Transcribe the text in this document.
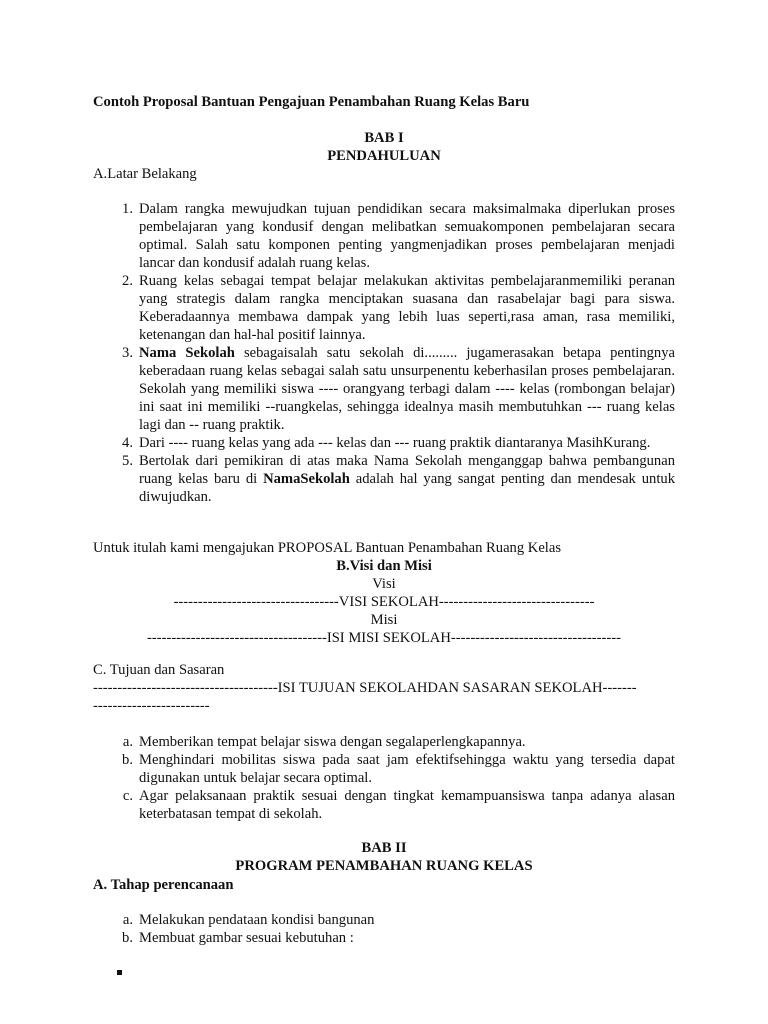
Contoh Proposal Bantuan Pengajuan Penambahan Ruang Kelas Baru

BAB I

PENDAHULUAN

A.Latar Belakang

1. Dalam rangka mewujudkan tujuan pendidikan secara maksimalmaka diperlukan proses pembelajaran yang kondusif dengan melibatkan semuakomponen pembelajaran secara optimal. Salah satu komponen penting yangmenjadikan proses pembelajaran menjadi lancar dan kondusif adalah ruang kelas.
2. Ruang kelas sebagai tempat belajar melakukan aktivitas pembelajaranmemiliki peranan yang strategis dalam rangka menciptakan suasana dan rasabelajar bagi para siswa. Keberadaannya membawa dampak yang lebih luas seperti,rasa aman, rasa memiliki, ketenangan dan hal-hal positif lainnya.
3. Nama Sekolah sebagaisalah satu sekolah di......... jugamerasakan betapa pentingnya keberadaan ruang kelas sebagai salah satu unsurpenentu keberhasilan proses pembelajaran. Sekolah yang memiliki siswa ---- orangyang terbagi dalam ---- kelas (rombongan belajar) ini saat ini memiliki --ruangkelas, sehingga idealnya masih membutuhkan --- ruang kelas lagi dan -- ruang praktik.
4. Dari ---- ruang kelas yang ada --- kelas dan --- ruang praktik diantaranya MasihKurang.
5. Bertolak dari pemikiran di atas maka Nama Sekolah menganggap bahwa pembangunan ruang kelas baru di NamaSekolah adalah hal yang sangat penting dan mendesak untuk diwujudkan.

Untuk itulah kami mengajukan PROPOSAL Bantuan Penambahan Ruang Kelas

B.Visi dan Misi

Visi

----------------------------------VISI SEKOLAH--------------------------------

Misi

-------------------------------------ISI MISI SEKOLAH-----------------------------------

C. Tujuan dan Sasaran

--------------------------------------ISI TUJUAN SEKOLAHDAN SASARAN SEKOLAH-------

------------------------

a. Memberikan tempat belajar siswa dengan segalaperlengkapannya.
b. Menghindari mobilitas siswa pada saat jam efektifsehingga waktu yang tersedia dapat digunakan untuk belajar secara optimal.
c. Agar pelaksanaan praktik sesuai dengan tingkat kemampuansiswa tanpa adanya alasan keterbatasan tempat di sekolah.

BAB II

PROGRAM PENAMBAHAN RUANG KELAS

A. Tahap perencanaan

a. Melakukan pendataan kondisi bangunan
b. Membuat gambar sesuai kebutuhan :
